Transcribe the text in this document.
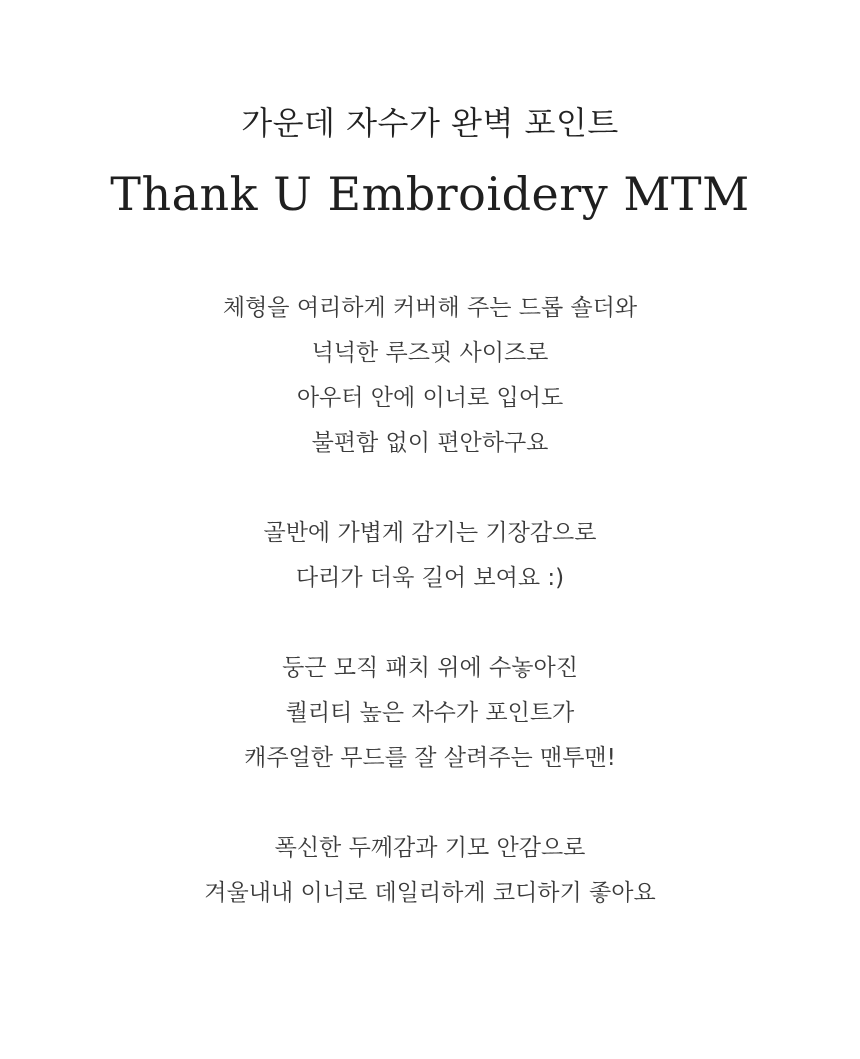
가운데 자수가 완벽 포인트
Thank U Embroidery MTM
체형을 여리하게 커버해 주는 드롭 숄더와
넉넉한 루즈핏 사이즈로
아우터 안에 이너로 입어도
불편함 없이 편안하구요
골반에 가볍게 감기는 기장감으로
다리가 더욱 길어 보여요 :)
둥근 모직 패치 위에 수놓아진
퀄리티 높은 자수가 포인트가
캐주얼한 무드를 잘 살려주는 맨투맨!
폭신한 두께감과 기모 안감으로
겨울내내 이너로 데일리하게 코디하기 좋아요
